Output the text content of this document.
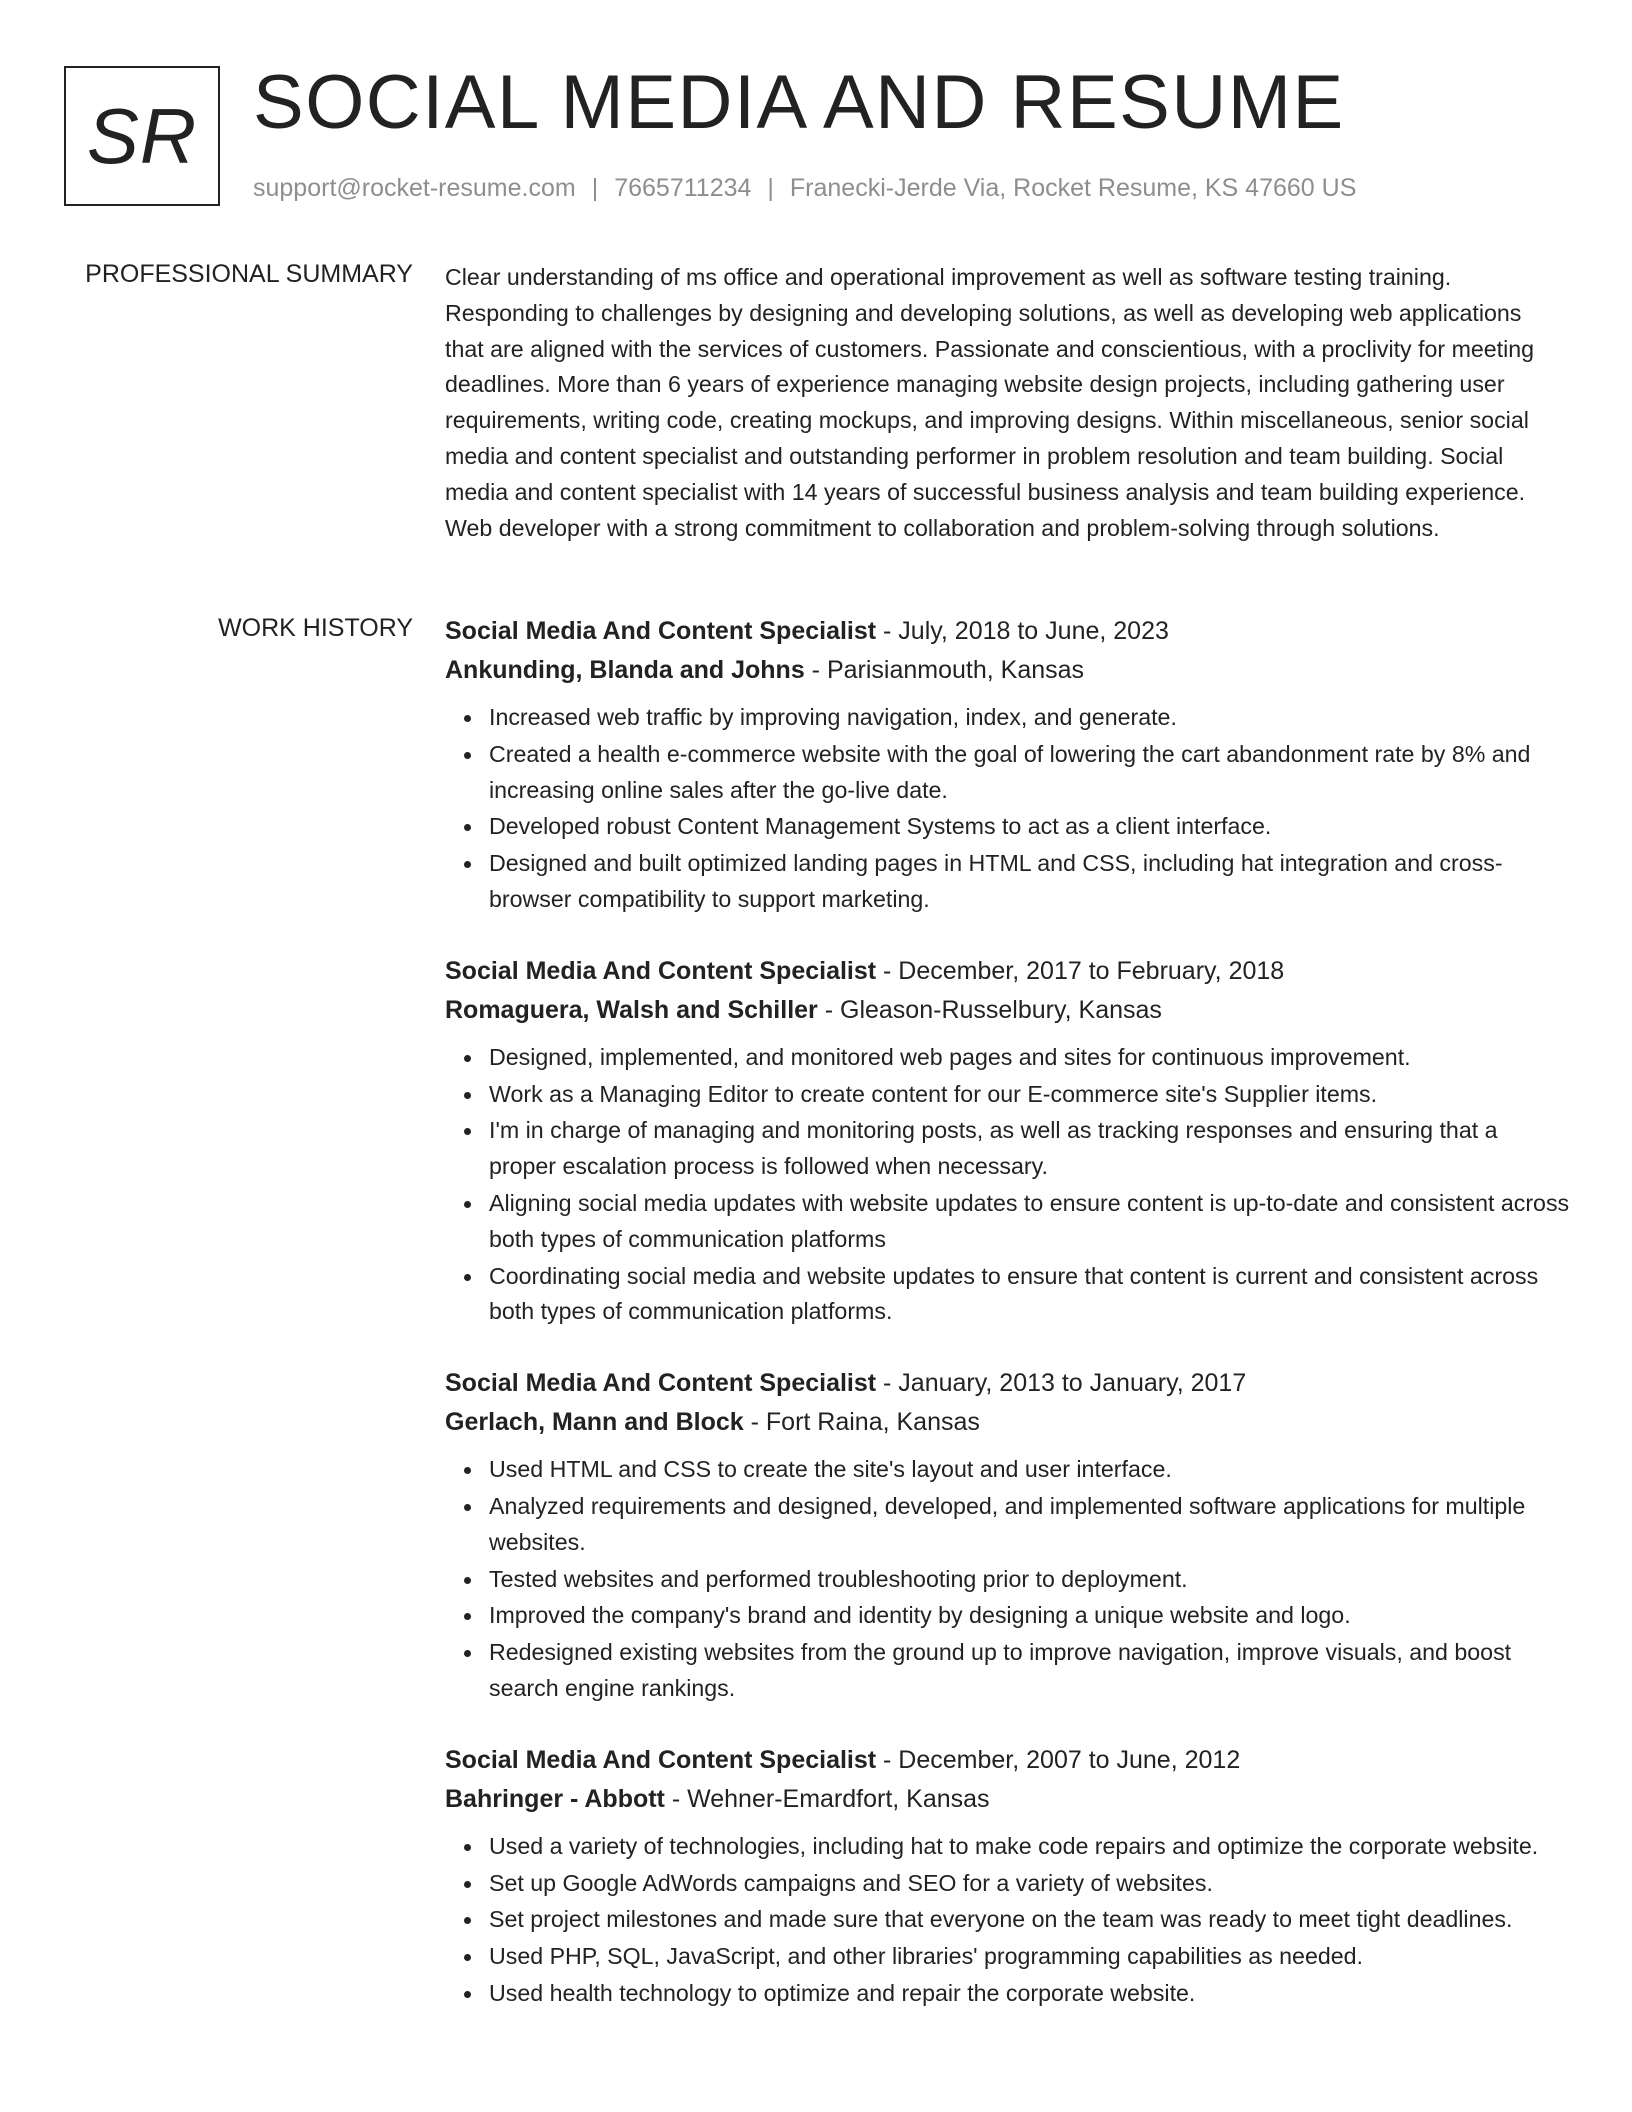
SR SOCIAL MEDIA AND RESUME
support@rocket-resume.com | 7665711234 | Franecki-Jerde Via, Rocket Resume, KS 47660 US
PROFESSIONAL SUMMARY Clear understanding of ms office and operational improvement as well as software testing training. Responding to challenges by designing and developing solutions, as well as developing web applications that are aligned with the services of customers. Passionate and conscientious, with a proclivity for meeting deadlines. More than 6 years of experience managing website design projects, including gathering user requirements, writing code, creating mockups, and improving designs. Within miscellaneous, senior social media and content specialist and outstanding performer in problem resolution and team building. Social media and content specialist with 14 years of successful business analysis and team building experience. Web developer with a strong commitment to collaboration and problem-solving through solutions.
WORK HISTORY Social Media And Content Specialist - July, 2018 to June, 2023
Ankunding, Blanda and Johns - Parisianmouth, Kansas
Increased web traffic by improving navigation, index, and generate.
Created a health e-commerce website with the goal of lowering the cart abandonment rate by 8% and increasing online sales after the go-live date.
Developed robust Content Management Systems to act as a client interface.
Designed and built optimized landing pages in HTML and CSS, including hat integration and cross-browser compatibility to support marketing.
Social Media And Content Specialist - December, 2017 to February, 2018
Romaguera, Walsh and Schiller - Gleason-Russelbury, Kansas
Designed, implemented, and monitored web pages and sites for continuous improvement.
Work as a Managing Editor to create content for our E-commerce site's Supplier items.
I'm in charge of managing and monitoring posts, as well as tracking responses and ensuring that a proper escalation process is followed when necessary.
Aligning social media updates with website updates to ensure content is up-to-date and consistent across both types of communication platforms
Coordinating social media and website updates to ensure that content is current and consistent across both types of communication platforms.
Social Media And Content Specialist - January, 2013 to January, 2017
Gerlach, Mann and Block - Fort Raina, Kansas
Used HTML and CSS to create the site's layout and user interface.
Analyzed requirements and designed, developed, and implemented software applications for multiple websites.
Tested websites and performed troubleshooting prior to deployment.
Improved the company's brand and identity by designing a unique website and logo.
Redesigned existing websites from the ground up to improve navigation, improve visuals, and boost search engine rankings.
Social Media And Content Specialist - December, 2007 to June, 2012
Bahringer - Abbott - Wehner-Emardfort, Kansas
Used a variety of technologies, including hat to make code repairs and optimize the corporate website.
Set up Google AdWords campaigns and SEO for a variety of websites.
Set project milestones and made sure that everyone on the team was ready to meet tight deadlines.
Used PHP, SQL, JavaScript, and other libraries' programming capabilities as needed.
Used health technology to optimize and repair the corporate website.
